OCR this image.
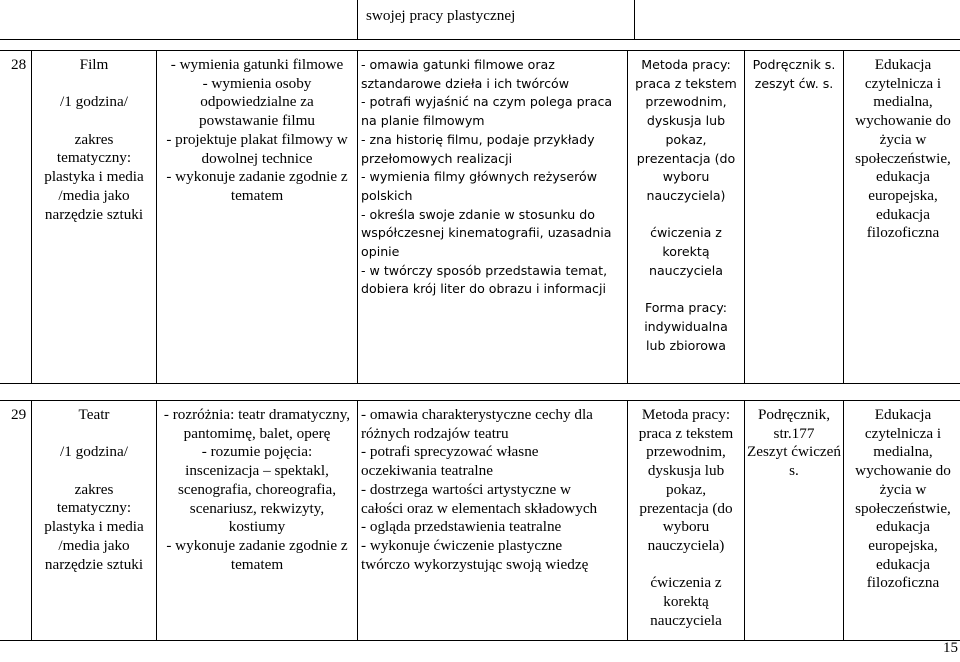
	swojej pracy plastycznej	
28	Film
/1 godzina/
zakres
tematyczny:
plastyka i media
/media jako
narzędzie sztuki

- wymienia gatunki filmowe
- wymienia osoby
odpowiedzialne za
powstawanie filmu
- projektuje plakat filmowy w
dowolnej technice
- wykonuje zadanie zgodnie z
tematem

- omawia gatunki filmowe oraz
sztandarowe dzieła i ich twórców
- potrafi wyjaśnić na czym polega praca
na planie filmowym
- zna historię filmu, podaje przykłady
przełomowych realizacji
- wymienia filmy głównych reżyserów
polskich
- określa swoje zdanie w stosunku do
współczesnej kinematografii, uzasadnia
opinie
- w twórczy sposób przedstawia temat,
dobiera krój liter do obrazu i informacji

Metoda pracy:
praca z tekstem
przewodnim,
dyskusja lub
pokaz,
prezentacja (do
wyboru
nauczyciela)
ćwiczenia z
korektą
nauczyciela
Forma pracy:
indywidualna
lub zbiorowa

Podręcznik s.
zeszyt ćw. s.

Edukacja
czytelnicza i
medialna,
wychowanie do
życia w
społeczeństwie,
edukacja
europejska,
edukacja
filozoficzna
29	Teatr
/1 godzina/
zakres
tematyczny:
plastyka i media
/media jako
narzędzie sztuki

- rozróżnia: teatr dramatyczny,
pantomimę, balet, operę
- rozumie pojęcia:
inscenizacja – spektakl,
scenografia, choreografia,
scenariusz, rekwizyty,
kostiumy
- wykonuje zadanie zgodnie z
tematem

- omawia charakterystyczne cechy dla
różnych rodzajów teatru
- potrafi sprecyzować własne
oczekiwania teatralne
- dostrzega wartości artystyczne w
całości oraz w elementach składowych
- ogląda przedstawienia teatralne
- wykonuje ćwiczenie plastyczne
twórczo wykorzystując swoją wiedzę

Metoda pracy:
praca z tekstem
przewodnim,
dyskusja lub
pokaz,
prezentacja (do
wyboru
nauczyciela)
ćwiczenia z
korektą
nauczyciela

Podręcznik,
str.177
Zeszyt ćwiczeń
s.

Edukacja
czytelnicza i
medialna,
wychowanie do
życia w
społeczeństwie,
edukacja
europejska,
edukacja
filozoficzna
15
